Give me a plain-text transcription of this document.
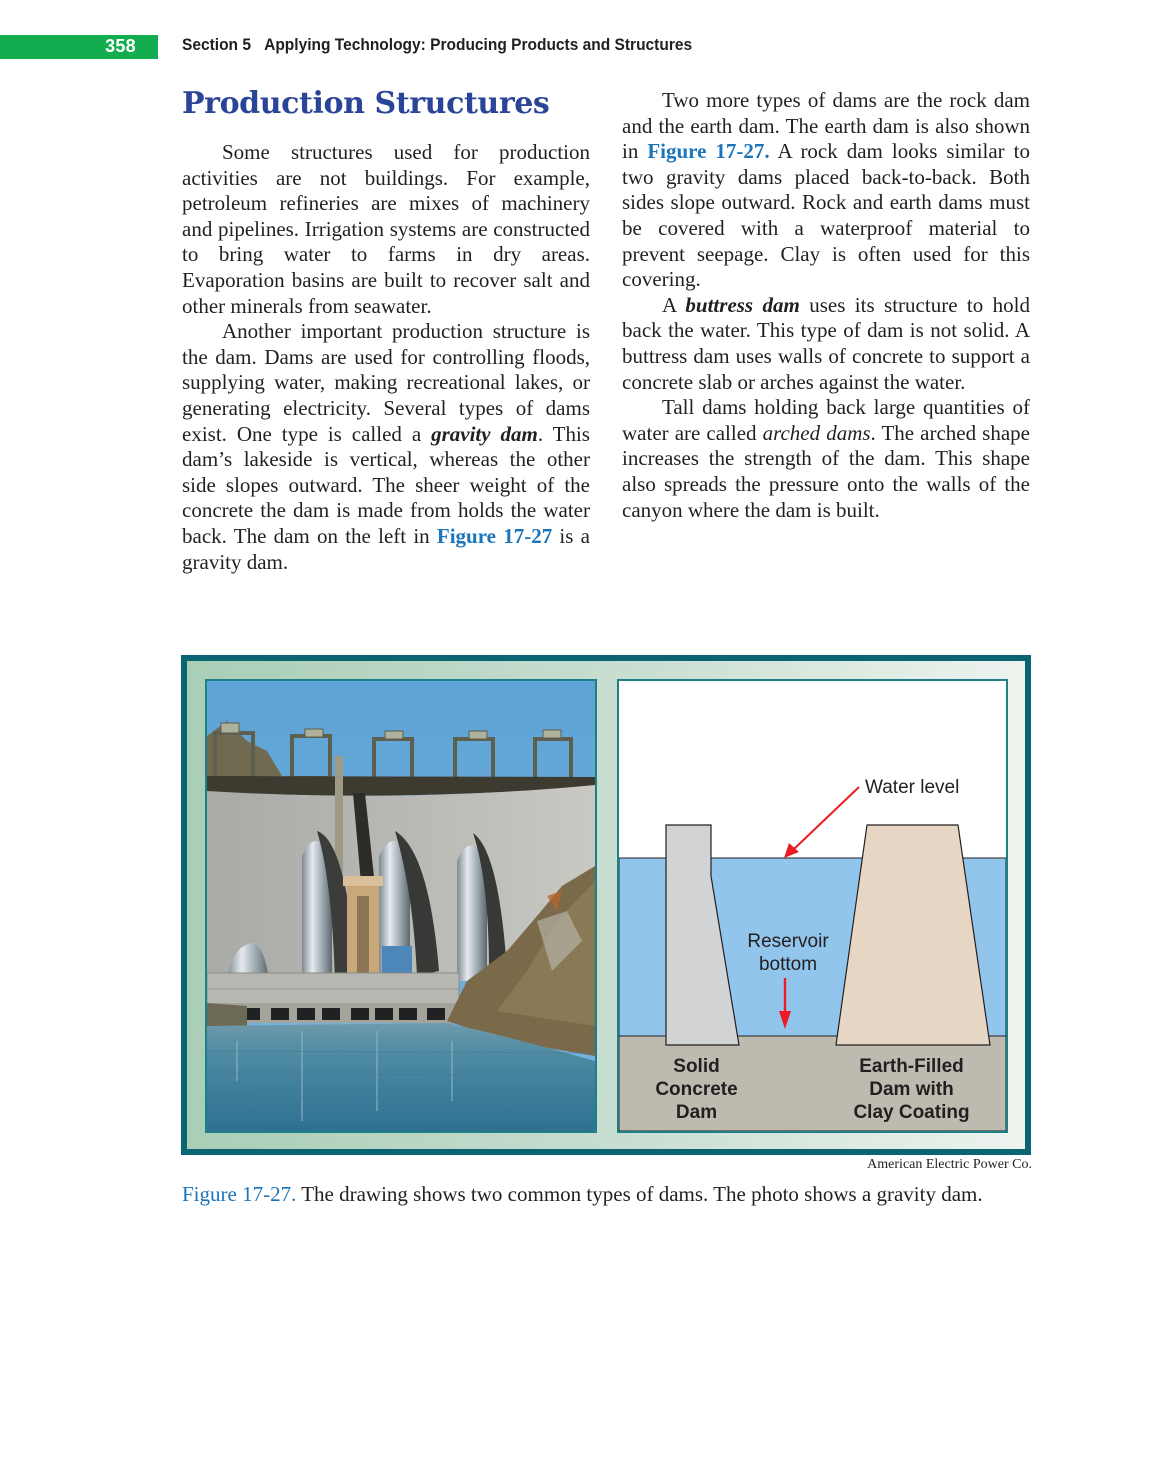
358	Section 5 Applying Technology: Producing Products and Structures
Production Structures

Some structures used for production activities are not buildings. For example, petroleum refineries are mixes of machinery and pipelines. Irrigation systems are constructed to bring water to farms in dry areas. Evaporation basins are built to recover salt and other minerals from seawater.

Another important production structure is the dam. Dams are used for controlling floods, supplying water, making recreational lakes, or generating electricity. Several types of dams exist. One type is called a gravity dam. This dam’s lakeside is vertical, whereas the other side slopes outward. The sheer weight of the concrete the dam is made from holds the water back. The dam on the left in Figure 17-27 is a gravity dam.

Two more types of dams are the rock dam and the earth dam. The earth dam is also shown in Figure 17-27. A rock dam looks similar to two gravity dams placed back-to-back. Both sides slope outward. Rock and earth dams must be covered with a waterproof material to prevent seepage. Clay is often used for this covering.

A buttress dam uses its structure to hold back the water. This type of dam is not solid. A buttress dam uses walls of concrete to support a concrete slab or arches against the water.

Tall dams holding back large quantities of water are called arched dams. The arched shape increases the strength of the dam. This shape also spreads the pressure onto the walls of the canyon where the dam is built.

Water level
Reservoir
bottom
Solid
Concrete
Dam
Earth-Filled
Dam with
Clay Coating
American Electric Power Co.
Figure 17-27. The drawing shows two common types of dams. The photo shows a gravity dam.
